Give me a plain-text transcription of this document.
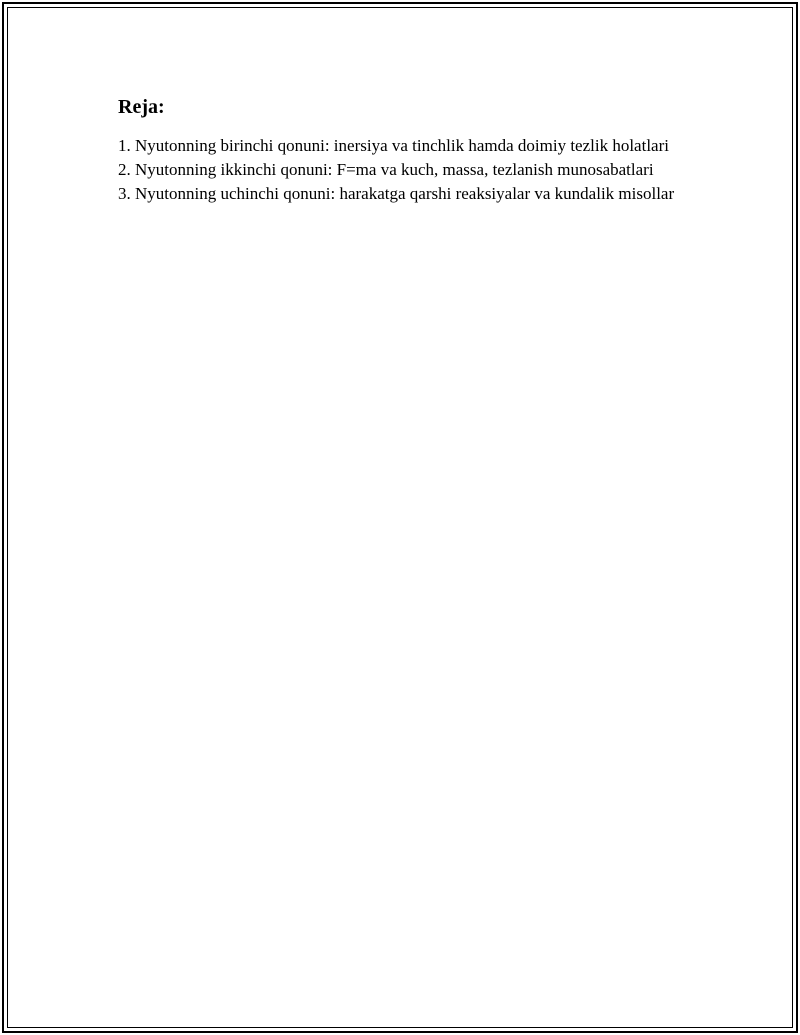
Reja:
1. Nyutonning birinchi qonuni: inersiya va tinchlik hamda doimiy tezlik holatlari
2. Nyutonning ikkinchi qonuni: F=ma va kuch, massa, tezlanish munosabatlari
3. Nyutonning uchinchi qonuni: harakatga qarshi reaksiyalar va kundalik misollar
